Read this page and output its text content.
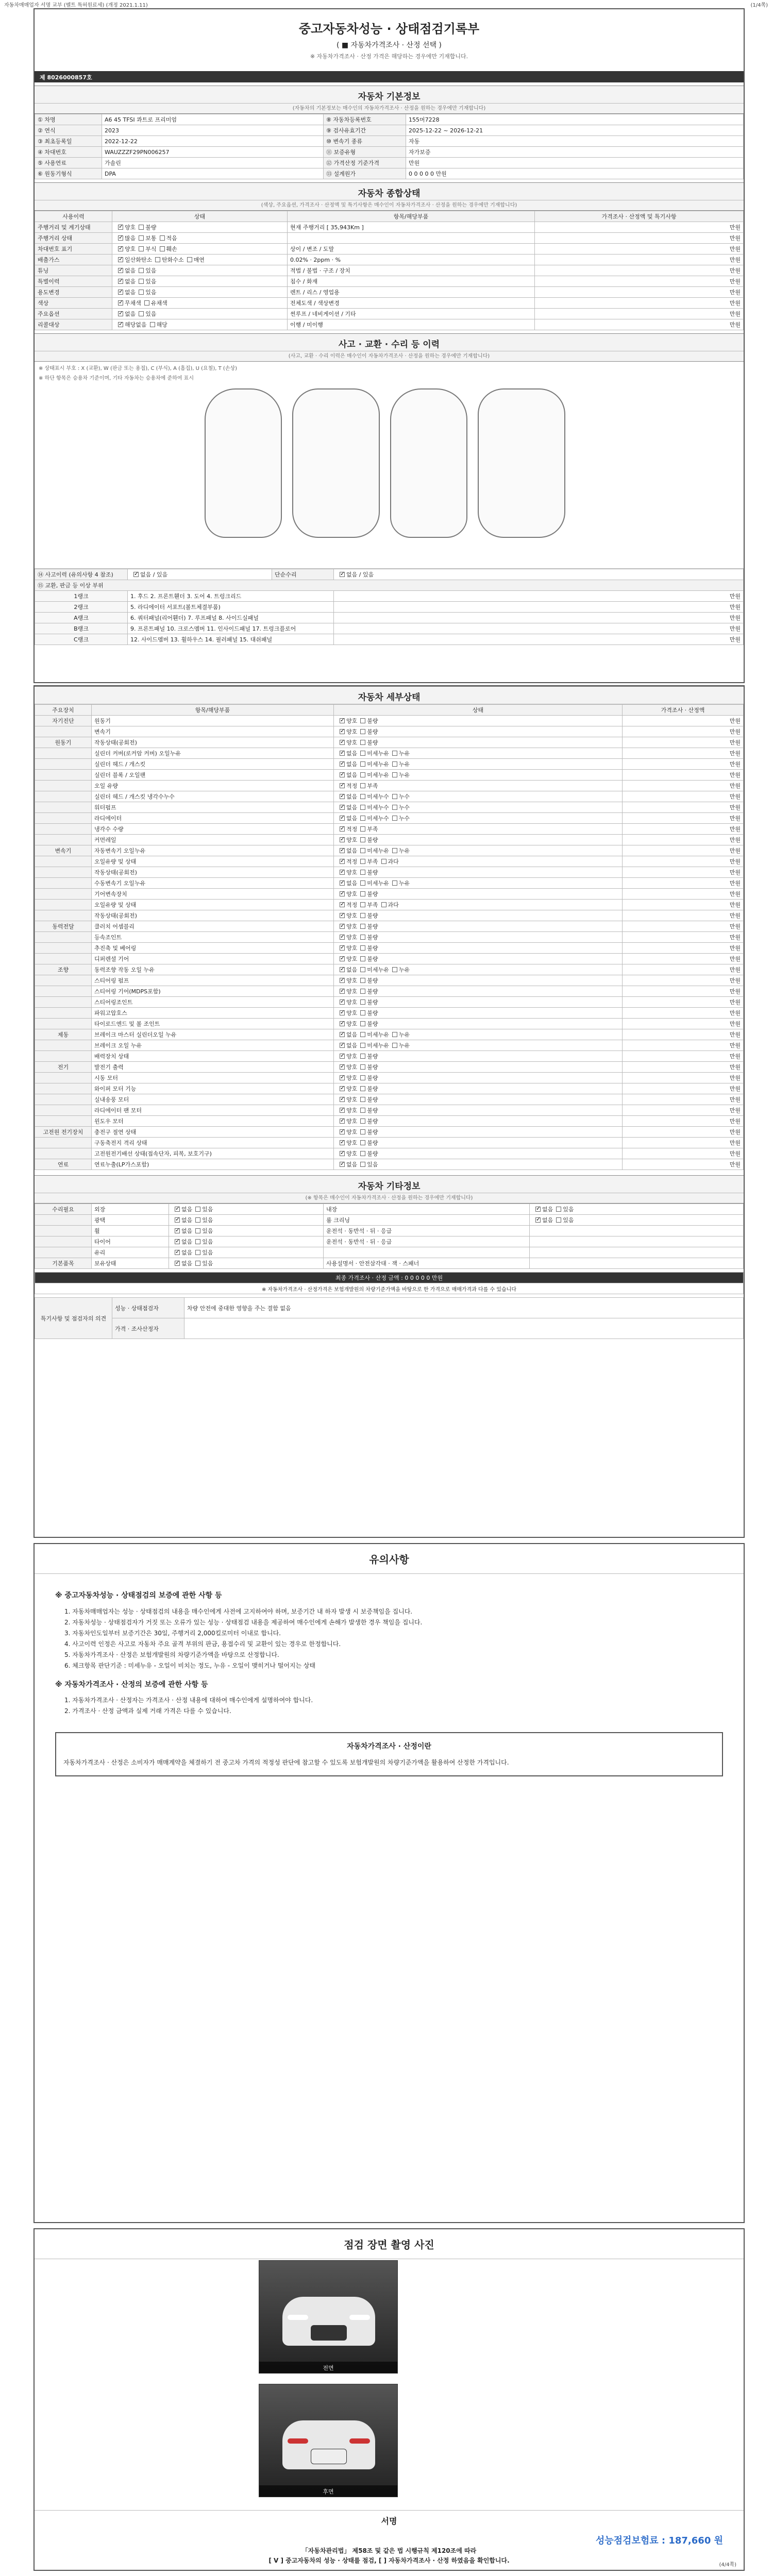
자동차매매업자 서명 교부 (벨트 특허원료세) (개정 2021.1.11)	(1/4쪽)
중고자동차성능 · 상태점검기록부
( ■ 자동차가격조사 · 산정 선택 )
※ 자동차가격조사 · 산정 가격은 해당하는 경우에만 기재합니다.
제 8026000857호
자동차 기본정보
(자동차의 기본정보는 매수인의 자동차가격조사 · 산정을 원하는 경우에만 기재합니다)
① 차명	A6 45 TFSI 콰트로 프리미엄	⑧ 자동차등록번호	155머7228
② 연식	2023	⑨ 검사유효기간	2025-12-22 ~ 2026-12-21
③ 최초등록일	2022-12-22	⑩ 변속기 종류	자동
④ 차대번호	WAUZZZF29PN006257	⑪ 보증유형	자가보증
⑤ 사용연료	가솔린	⑫ 가격산정 기준가격	만원
⑥ 원동기형식	DPA	⑬ 설계원가	0 0 0 0 0 만원
자동차 종합상태
(색상, 주요옵션, 가격조사 · 산정액 및 특기사항은 매수인이 자동차가격조사 · 산정을 원하는 경우에만 기재합니다)
사용이력	상태	항목/해당부품	가격조사 · 산정액 및 특기사항
주행거리 및 계기상태	✓양호 불량	현재 주행거리 [ 35,943Km ]	만원
주행거리 상태	✓많음 보통 적음		만원
차대번호 표기	✓양호 부식 훼손	상이 / 변조 / 도말	만원
배출가스	✓일산화탄소 탄화수소 매연	0.02% · 2ppm · %	만원
튜닝	✓없음 있음	적법 / 불법 · 구조 / 장치	만원
특별이력	✓없음 있음	침수 / 화재	만원
용도변경	✓없음 있음	렌트 / 리스 / 영업용	만원
색상	✓무채색 유채색	전체도색 / 색상변경	만원
주요옵션	✓없음 있음	썬루프 / 네비게이션 / 기타	만원
리콜대상	✓해당없음 해당	이행 / 미이행	만원
사고 · 교환 · 수리 등 이력
(사고, 교환 · 수리 이력은 매수인이 자동차가격조사 · 산정을 원하는 경우에만 기재합니다)
※ 상태표시 부호 : X (교환), W (판금 또는 용접), C (부식), A (흠집), U (요철), T (손상)
※ 하단 항목은 승용차 기준이며, 기타 자동차는 승용차에 준하여 표시
⑭ 사고이력 (유의사항 4 참조)	✓없음 / 있음	단순수리	✓없음 / 있음
⑮ 교환, 판금 등 이상 부위			
1랭크	1. 후드 2. 프론트휀더 3. 도어 4. 트렁크리드		만원
2랭크	5. 라디에이터 서포트(볼트체결부품)		만원
A랭크	6. 쿼터패널(리어휀더) 7. 루프패널 8. 사이드실패널		만원
B랭크	9. 프론트패널 10. 크로스멤버 11. 인사이드패널 17. 트렁크플로어		만원
C랭크	12. 사이드멤버 13. 휠하우스 14. 필러패널 15. 대쉬패널		만원
자동차 세부상태
주요장치	항목/해당부품	상태	가격조사 · 산정액
자기진단	원동기	✓양호 불량	만원
	변속기	✓양호 불량	만원
원동기	작동상태(공회전)	✓양호 불량	만원
	실린더 커버(로커암 커버) 오일누유	✓없음 미세누유 누유	만원
	실린더 헤드 / 개스킷	✓없음 미세누유 누유	만원
	실린더 블록 / 오일팬	✓없음 미세누유 누유	만원
	오일 유량	✓적정 부족	만원
	실린더 헤드 / 개스킷 냉각수누수	✓없음 미세누수 누수	만원
	워터펌프	✓없음 미세누수 누수	만원
	라디에이터	✓없음 미세누수 누수	만원
	냉각수 수량	✓적정 부족	만원
	커먼레일	✓양호 불량	만원
변속기	자동변속기 오일누유	✓없음 미세누유 누유	만원
	오일유량 및 상태	✓적정 부족 과다	만원
	작동상태(공회전)	✓양호 불량	만원
	수동변속기 오일누유	✓없음 미세누유 누유	만원
	기어변속장치	✓양호 불량	만원
	오일유량 및 상태	✓적정 부족 과다	만원
	작동상태(공회전)	✓양호 불량	만원
동력전달	클러치 어셈블리	✓양호 불량	만원
	등속조인트	✓양호 불량	만원
	추진축 및 베어링	✓양호 불량	만원
	디퍼렌셜 기어	✓양호 불량	만원
조향	동력조향 작동 오일 누유	✓없음 미세누유 누유	만원
	스티어링 펌프	✓양호 불량	만원
	스티어링 기어(MDPS포함)	✓양호 불량	만원
	스티어링조인트	✓양호 불량	만원
	파워고압호스	✓양호 불량	만원
	타이로드엔드 및 볼 조인트	✓양호 불량	만원
제동	브레이크 마스터 실린더오일 누유	✓없음 미세누유 누유	만원
	브레이크 오일 누유	✓없음 미세누유 누유	만원
	배력장치 상태	✓양호 불량	만원
전기	발전기 출력	✓양호 불량	만원
	시동 모터	✓양호 불량	만원
	와이퍼 모터 기능	✓양호 불량	만원
	실내송풍 모터	✓양호 불량	만원
	라디에이터 팬 모터	✓양호 불량	만원
	윈도우 모터	✓양호 불량	만원
고전원 전기장치	충전구 절연 상태	✓양호 불량	만원
	구동축전지 격리 상태	✓양호 불량	만원
	고전원전기배선 상태(접속단자, 피복, 보호기구)	✓양호 불량	만원
연료	연료누출(LP가스포함)	✓없음 있음	만원
자동차 기타정보
(※ 항목은 매수인이 자동차가격조사 · 산정을 원하는 경우에만 기재합니다)
수리필요	외장	✓없음 있음	내장	✓없음 있음
	광택	✓없음 있음	룸 크리닝	✓없음 있음
	휠	✓없음 있음	운전석 · 동반석 · 뒤 · 응급	
	타이어	✓없음 있음	운전석 · 동반석 · 뒤 · 응급	
	유리	✓없음 있음		
기본품목	보유상태	✓없음 있음	사용설명서 · 안전삼각대 · 잭 · 스패너	
최종 가격조사 · 산정 금액 : 0 0 0 0 0 만원
※ 자동차가격조사 · 산정가격은 보험개발원의 차량기준가액을 바탕으로 한 가격으로 매매가격과 다를 수 있습니다
특기사항 및 점검자의 의견	성능 · 상태점검자	차량 안전에 중대한 영향을 주는 결함 없음
	가격 · 조사산정자	
유의사항
※ 중고자동차성능 · 상태점검의 보증에 관한 사항 등
1. 자동차매매업자는 성능 · 상태점검의 내용을 매수인에게 사전에 고지하여야 하며, 보증기간 내 하자 발생 시 보증책임을 집니다.
2. 자동차성능 · 상태점검자가 거짓 또는 오류가 있는 성능 · 상태점검 내용을 제공하여 매수인에게 손해가 발생한 경우 책임을 집니다.
3. 자동차인도일부터 보증기간은 30일, 주행거리 2,000킬로미터 이내로 합니다.
4. 사고이력 인정은 사고로 자동차 주요 골격 부위의 판금, 용접수리 및 교환이 있는 경우로 한정합니다.
5. 자동차가격조사 · 산정은 보험개발원의 차량기준가액을 바탕으로 산정합니다.
6. 체크항목 판단기준 : 미세누유 - 오일이 비치는 정도, 누유 - 오일이 맺히거나 떨어지는 상태
※ 자동차가격조사 · 산정의 보증에 관한 사항 등
1. 자동차가격조사 · 산정자는 가격조사 · 산정 내용에 대하여 매수인에게 설명하여야 합니다.
2. 가격조사 · 산정 금액과 실제 거래 가격은 다를 수 있습니다.
자동차가격조사 · 산정이란
자동차가격조사 · 산정은 소비자가 매매계약을 체결하기 전 중고차 가격의 적정성 판단에 참고할 수 있도록 보험개발원의 차량기준가액을 활용하여 산정한 가격입니다.
점검 장면 촬영 사진
전면
후면
서명
성능점검보험료 : 187,660 원
「자동차관리법」 제58조 및 같은 법 시행규칙 제120조에 따라
[ V ] 중고자동차의 성능 · 상태를 점검, [ ] 자동차가격조사 · 산정 하였음을 확인합니다.
(4/4쪽)
